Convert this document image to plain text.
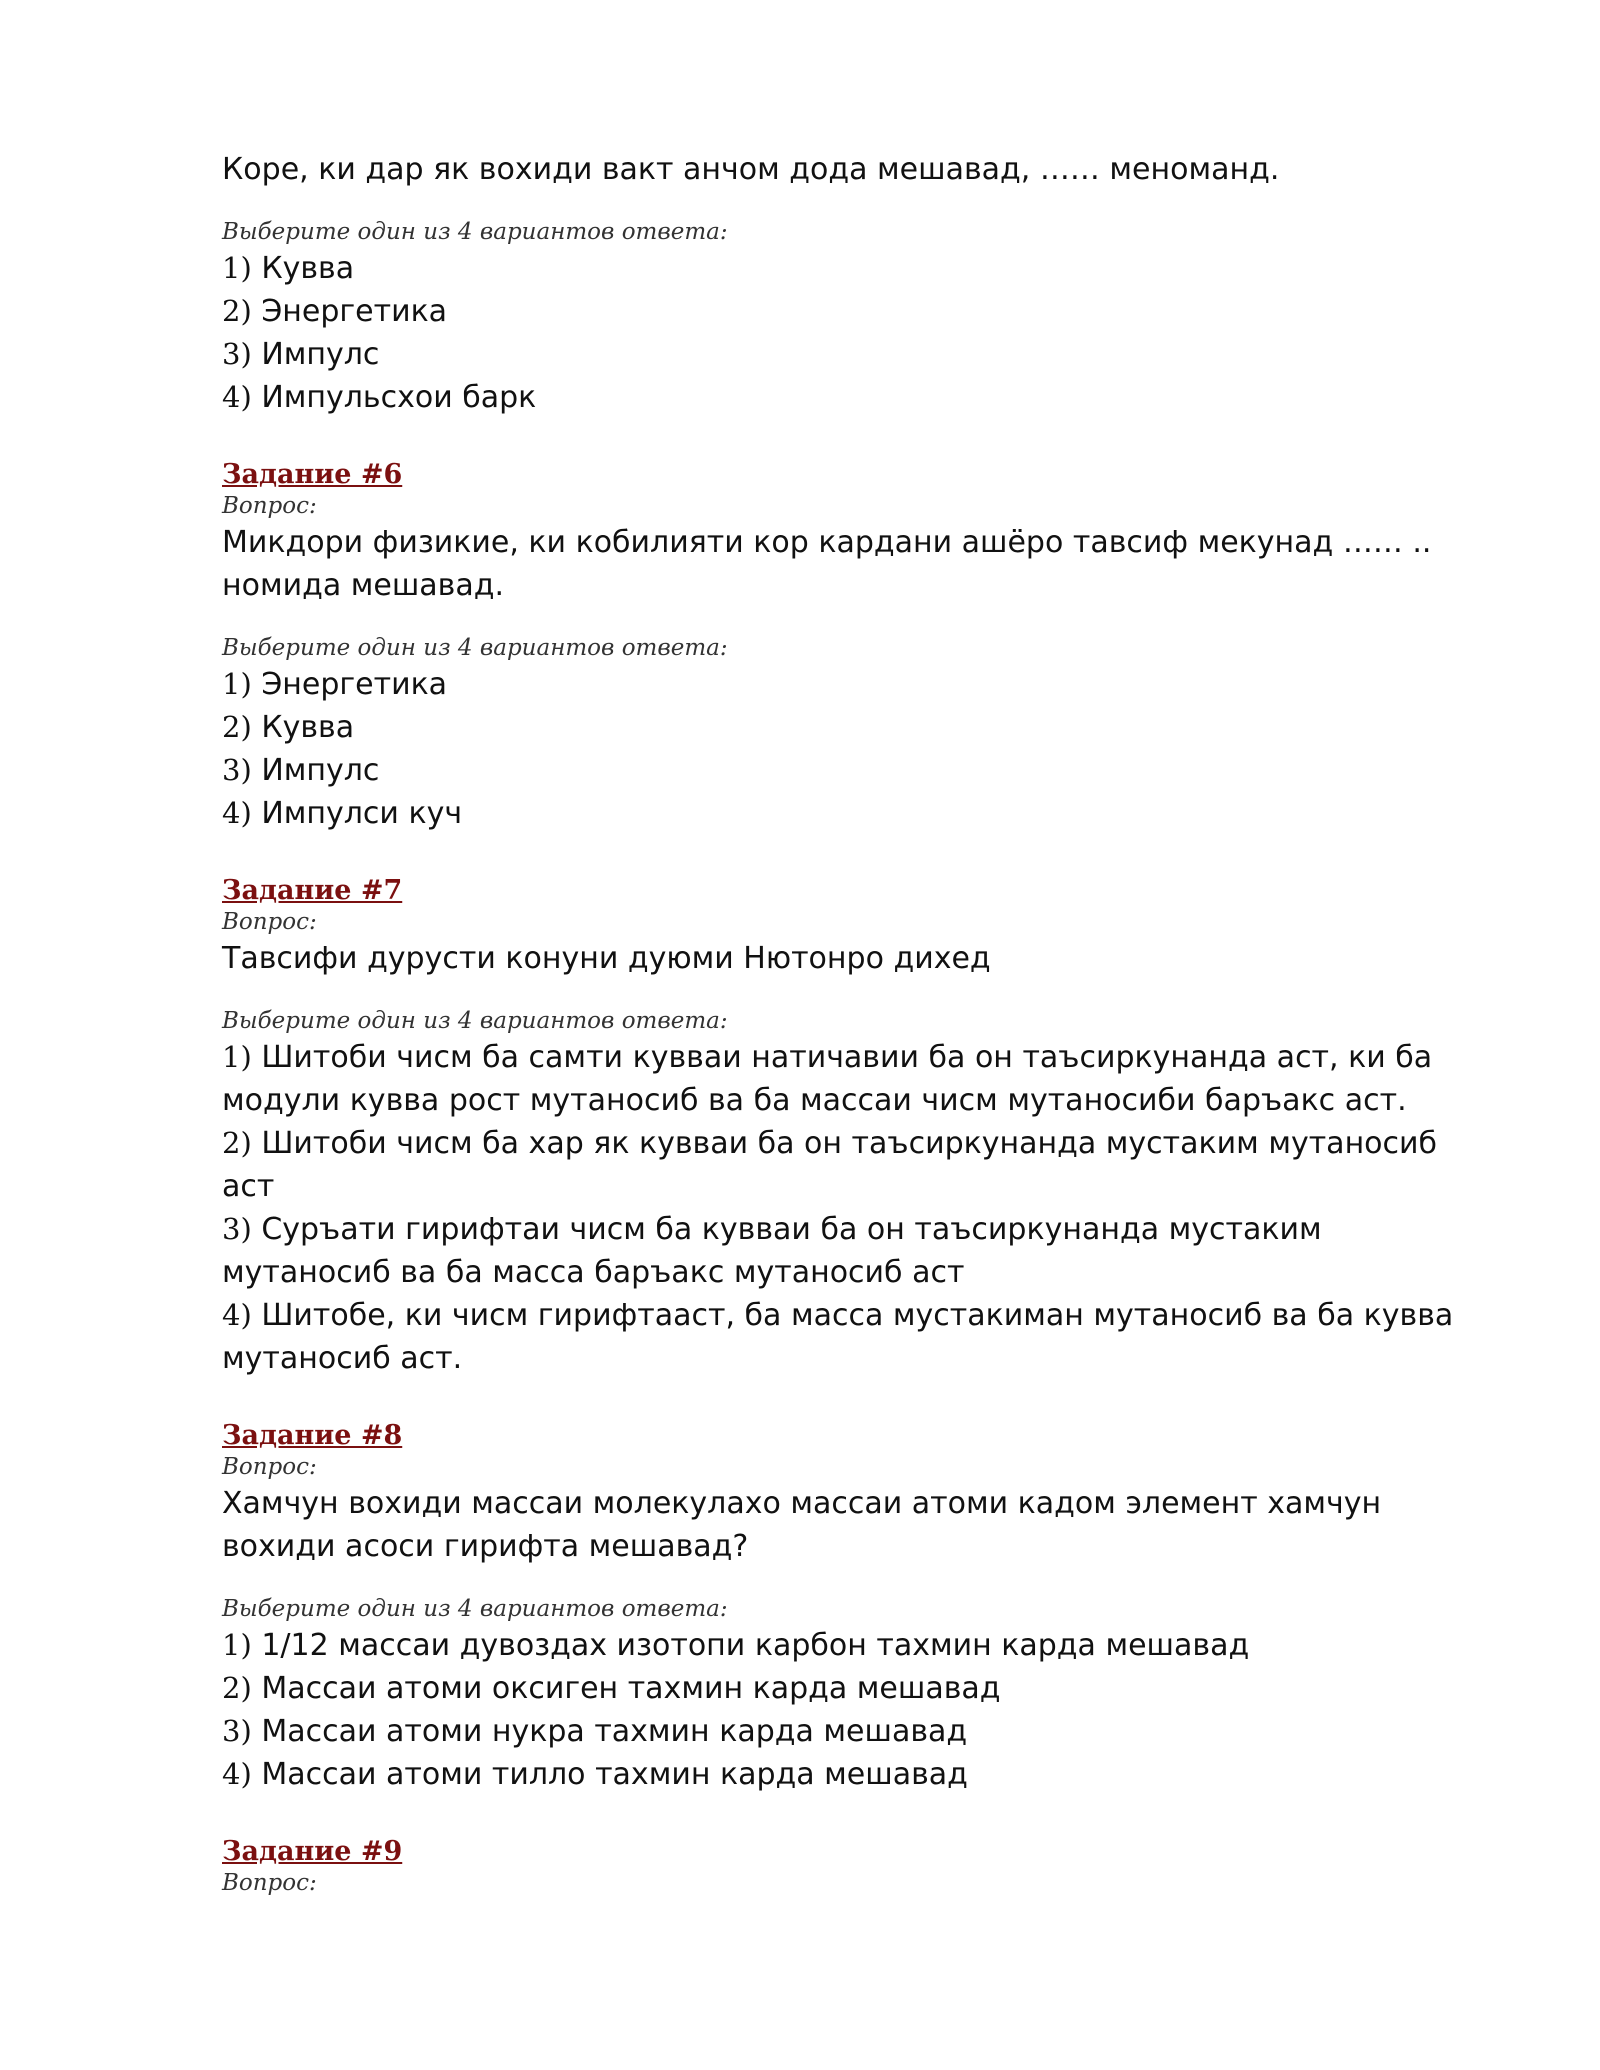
Коре, ки дар як вохиди вакт анчом дода мешавад, …… меноманд.

Выберите один из 4 вариантов ответа:
1) Кувва
2) Энергетика
3) Импулс
4) Импульсхои барк
Задание #6
Вопрос:

Микдори физикие, ки кобилияти кор кардани ашёро тавсиф мекунад …… .. номида мешавад.

Выберите один из 4 вариантов ответа:
1) Энергетика
2) Кувва
3) Импулс
4) Импулси куч
Задание #7
Вопрос:

Тавсифи дурусти конуни дуюми Нютонро дихед

Выберите один из 4 вариантов ответа:
1) Шитоби чисм ба самти кувваи натичавии ба он таъсиркунанда аст, ки ба модули кувва рост мутаносиб ва ба массаи чисм мутаносиби баръакс аст.
2) Шитоби чисм ба хар як кувваи ба он таъсиркунанда мустаким мутаносиб аст
3) Суръати гирифтаи чисм ба кувваи ба он таъсиркунанда мустаким мутаносиб ва ба масса баръакс мутаносиб аст
4) Шитобе, ки чисм гирифтааст, ба масса мустакиман мутаносиб ва ба кувва мутаносиб аст.
Задание #8
Вопрос:

Хамчун вохиди массаи молекулахо массаи атоми кадом элемент хамчун вохиди асоси гирифта мешавад?

Выберите один из 4 вариантов ответа:
1) 1/12 массаи дувоздах изотопи карбон тахмин карда мешавад
2) Массаи атоми оксиген тахмин карда мешавад
3) Массаи атоми нукра тахмин карда мешавад
4) Массаи атоми тилло тахмин карда мешавад
Задание #9
Вопрос:
